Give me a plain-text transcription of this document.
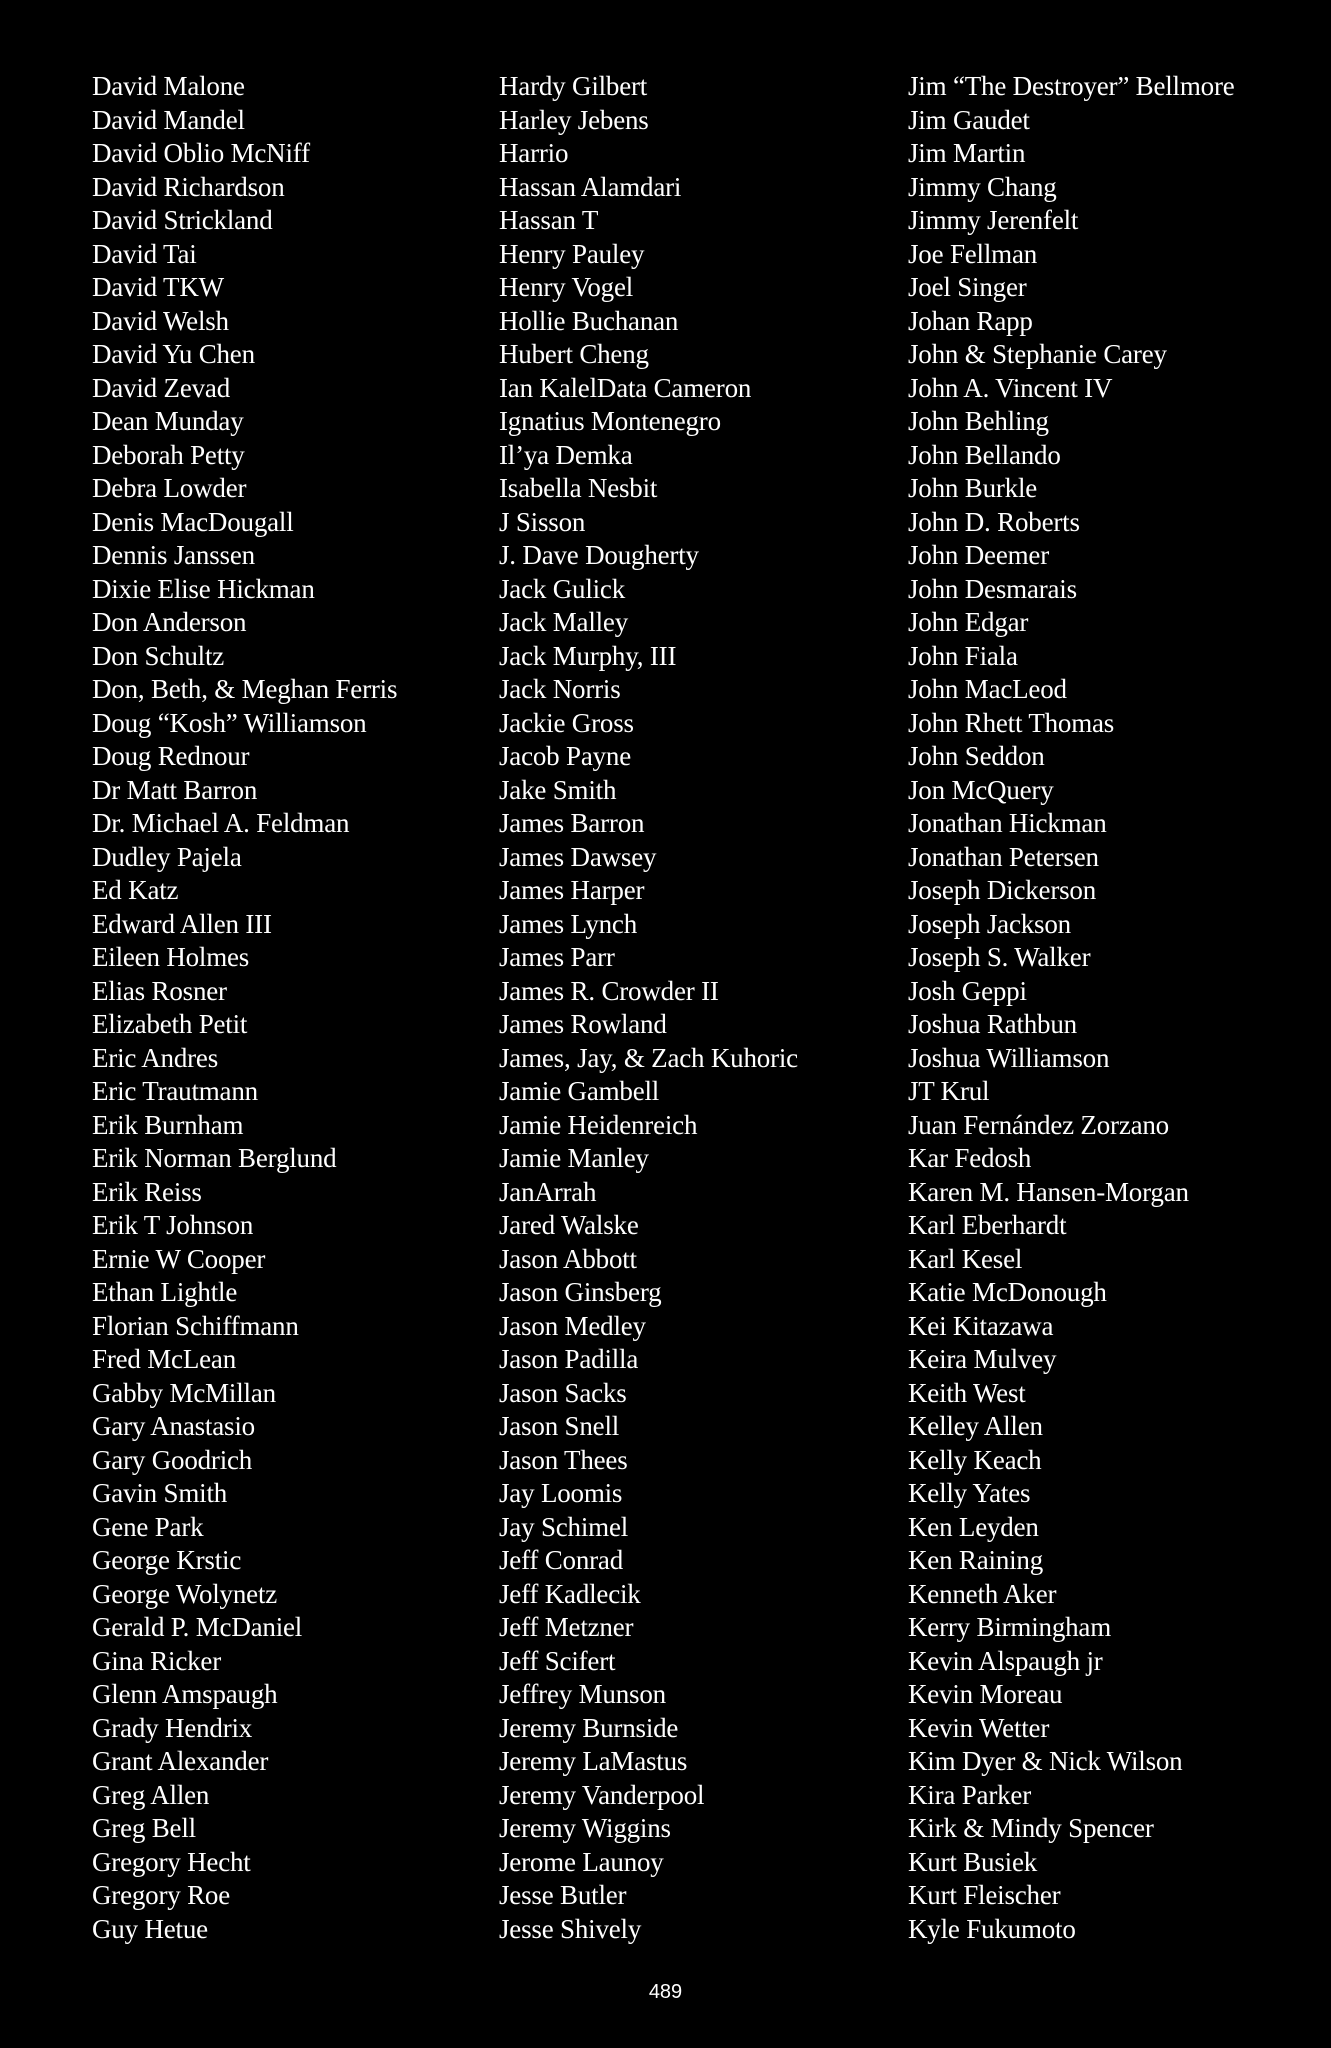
David Malone
David Mandel
David Oblio McNiff
David Richardson
David Strickland
David Tai
David TKW
David Welsh
David Yu Chen
David Zevad
Dean Munday
Deborah Petty
Debra Lowder
Denis MacDougall
Dennis Janssen
Dixie Elise Hickman
Don Anderson
Don Schultz
Don, Beth, & Meghan Ferris
Doug “Kosh” Williamson
Doug Rednour
Dr Matt Barron
Dr. Michael A. Feldman
Dudley Pajela
Ed Katz
Edward Allen III
Eileen Holmes
Elias Rosner
Elizabeth Petit
Eric Andres
Eric Trautmann
Erik Burnham
Erik Norman Berglund
Erik Reiss
Erik T Johnson
Ernie W Cooper
Ethan Lightle
Florian Schiffmann
Fred McLean
Gabby McMillan
Gary Anastasio
Gary Goodrich
Gavin Smith
Gene Park
George Krstic
George Wolynetz
Gerald P. McDaniel
Gina Ricker
Glenn Amspaugh
Grady Hendrix
Grant Alexander
Greg Allen
Greg Bell
Gregory Hecht
Gregory Roe
Guy Hetue
Hardy Gilbert
Harley Jebens
Harrio
Hassan Alamdari
Hassan T
Henry Pauley
Henry Vogel
Hollie Buchanan
Hubert Cheng
Ian KalelData Cameron
Ignatius Montenegro
Il’ya Demka
Isabella Nesbit
J Sisson
J. Dave Dougherty
Jack Gulick
Jack Malley
Jack Murphy, III
Jack Norris
Jackie Gross
Jacob Payne
Jake Smith
James Barron
James Dawsey
James Harper
James Lynch
James Parr
James R. Crowder II
James Rowland
James, Jay, & Zach Kuhoric
Jamie Gambell
Jamie Heidenreich
Jamie Manley
JanArrah
Jared Walske
Jason Abbott
Jason Ginsberg
Jason Medley
Jason Padilla
Jason Sacks
Jason Snell
Jason Thees
Jay Loomis
Jay Schimel
Jeff Conrad
Jeff Kadlecik
Jeff Metzner
Jeff Scifert
Jeffrey Munson
Jeremy Burnside
Jeremy LaMastus
Jeremy Vanderpool
Jeremy Wiggins
Jerome Launoy
Jesse Butler
Jesse Shively
Jim “The Destroyer” Bellmore
Jim Gaudet
Jim Martin
Jimmy Chang
Jimmy Jerenfelt
Joe Fellman
Joel Singer
Johan Rapp
John & Stephanie Carey
John A. Vincent IV
John Behling
John Bellando
John Burkle
John D. Roberts
John Deemer
John Desmarais
John Edgar
John Fiala
John MacLeod
John Rhett Thomas
John Seddon
Jon McQuery
Jonathan Hickman
Jonathan Petersen
Joseph Dickerson
Joseph Jackson
Joseph S. Walker
Josh Geppi
Joshua Rathbun
Joshua Williamson
JT Krul
Juan Fernández Zorzano
Kar Fedosh
Karen M. Hansen-Morgan
Karl Eberhardt
Karl Kesel
Katie McDonough
Kei Kitazawa
Keira Mulvey
Keith West
Kelley Allen
Kelly Keach
Kelly Yates
Ken Leyden
Ken Raining
Kenneth Aker
Kerry Birmingham
Kevin Alspaugh jr
Kevin Moreau
Kevin Wetter
Kim Dyer & Nick Wilson
Kira Parker
Kirk & Mindy Spencer
Kurt Busiek
Kurt Fleischer
Kyle Fukumoto
489
